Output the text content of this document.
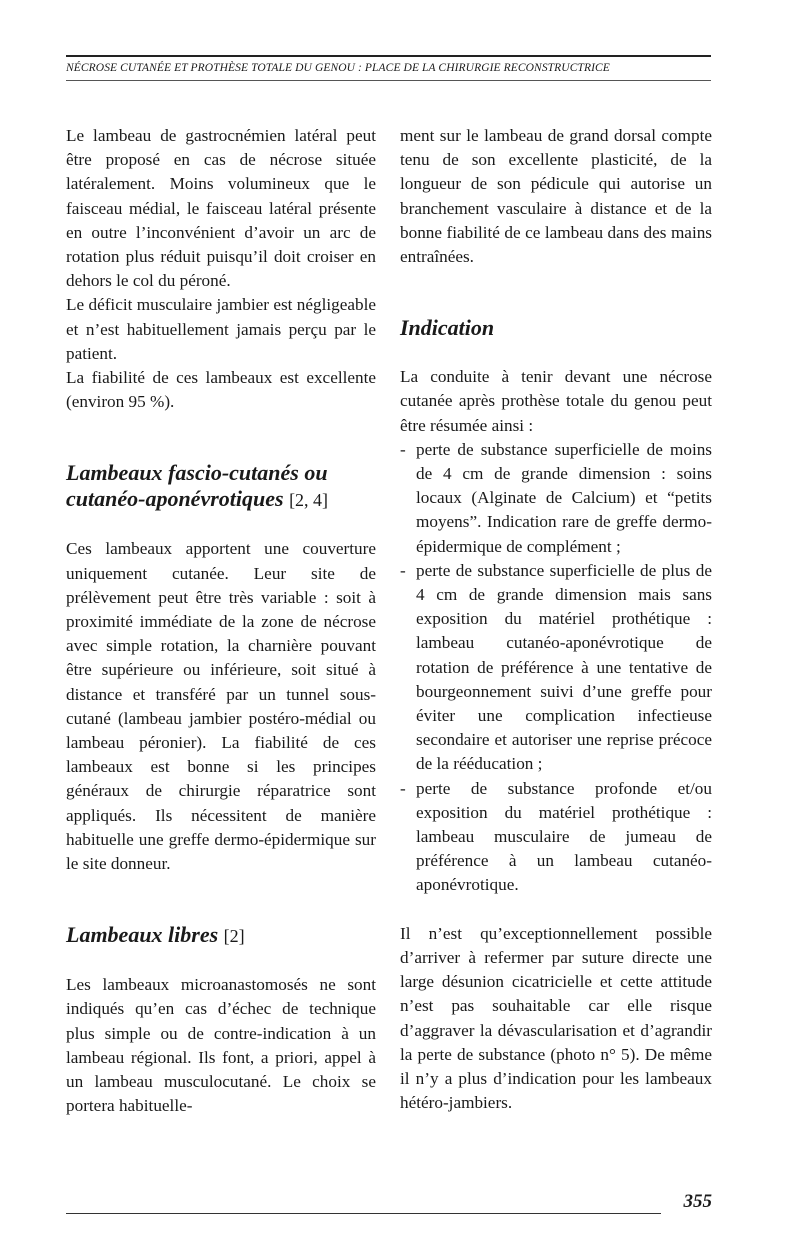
NÉCROSE CUTANÉE ET PROTHÈSE TOTALE DU GENOU : PLACE DE LA CHIRURGIE RECONSTRUCTRICE

Le lambeau de gastrocnémien latéral peut être proposé en cas de nécrose située latéralement. Moins volumineux que le faisceau médial, le faisceau latéral présente en outre l’inconvénient d’avoir un arc de rotation plus réduit puisqu’il doit croiser en dehors le col du péroné.

Le déficit musculaire jambier est négligeable et n’est habituellement jamais perçu par le patient.

La fiabilité de ces lambeaux est excellente (environ 95 %).

Lambeaux fascio-cutanés ou cutanéo-aponévrotiques [2, 4]

Ces lambeaux apportent une couverture uniquement cutanée. Leur site de prélèvement peut être très variable : soit à proximité immédiate de la zone de nécrose avec simple rotation, la charnière pouvant être supérieure ou inférieure, soit situé à distance et transféré par un tunnel sous-cutané (lambeau jambier postéro-médial ou lambeau péronier). La fiabilité de ces lambeaux est bonne si les principes généraux de chirurgie réparatrice sont appliqués. Ils nécessitent de manière habituelle une greffe dermo-épidermique sur le site donneur.

Lambeaux libres [2]

Les lambeaux microanastomosés ne sont indiqués qu’en cas d’échec de technique plus simple ou de contre-indication à un lambeau régional. Ils font, a priori, appel à un lambeau musculocutané. Le choix se portera habituelle-

ment sur le lambeau de grand dorsal compte tenu de son excellente plasticité, de la longueur de son pédicule qui autorise un branchement vasculaire à distance et de la bonne fiabilité de ce lambeau dans des mains entraînées.

Indication

La conduite à tenir devant une nécrose cutanée après prothèse totale du genou peut être résumée ainsi :

- perte de substance superficielle de moins de 4 cm de grande dimension : soins locaux (Alginate de Calcium) et “petits moyens”. Indication rare de greffe dermo-épidermique de complément ;
- perte de substance superficielle de plus de 4 cm de grande dimension mais sans exposition du matériel prothétique : lambeau cutanéo-aponévrotique de rotation de préférence à une tentative de bourgeonnement suivi d’une greffe pour éviter une complication infectieuse secondaire et autoriser une reprise précoce de la rééducation ;
- perte de substance profonde et/ou exposition du matériel prothétique : lambeau musculaire de jumeau de préférence à un lambeau cutanéo-aponévrotique.

Il n’est qu’exceptionnellement possible d’arriver à refermer par suture directe une large désunion cicatricielle et cette attitude n’est pas souhaitable car elle risque d’aggraver la dévascularisation et d’agrandir la perte de substance (photo n° 5). De même il n’y a plus d’indication pour les lambeaux hétéro-jambiers.

355
